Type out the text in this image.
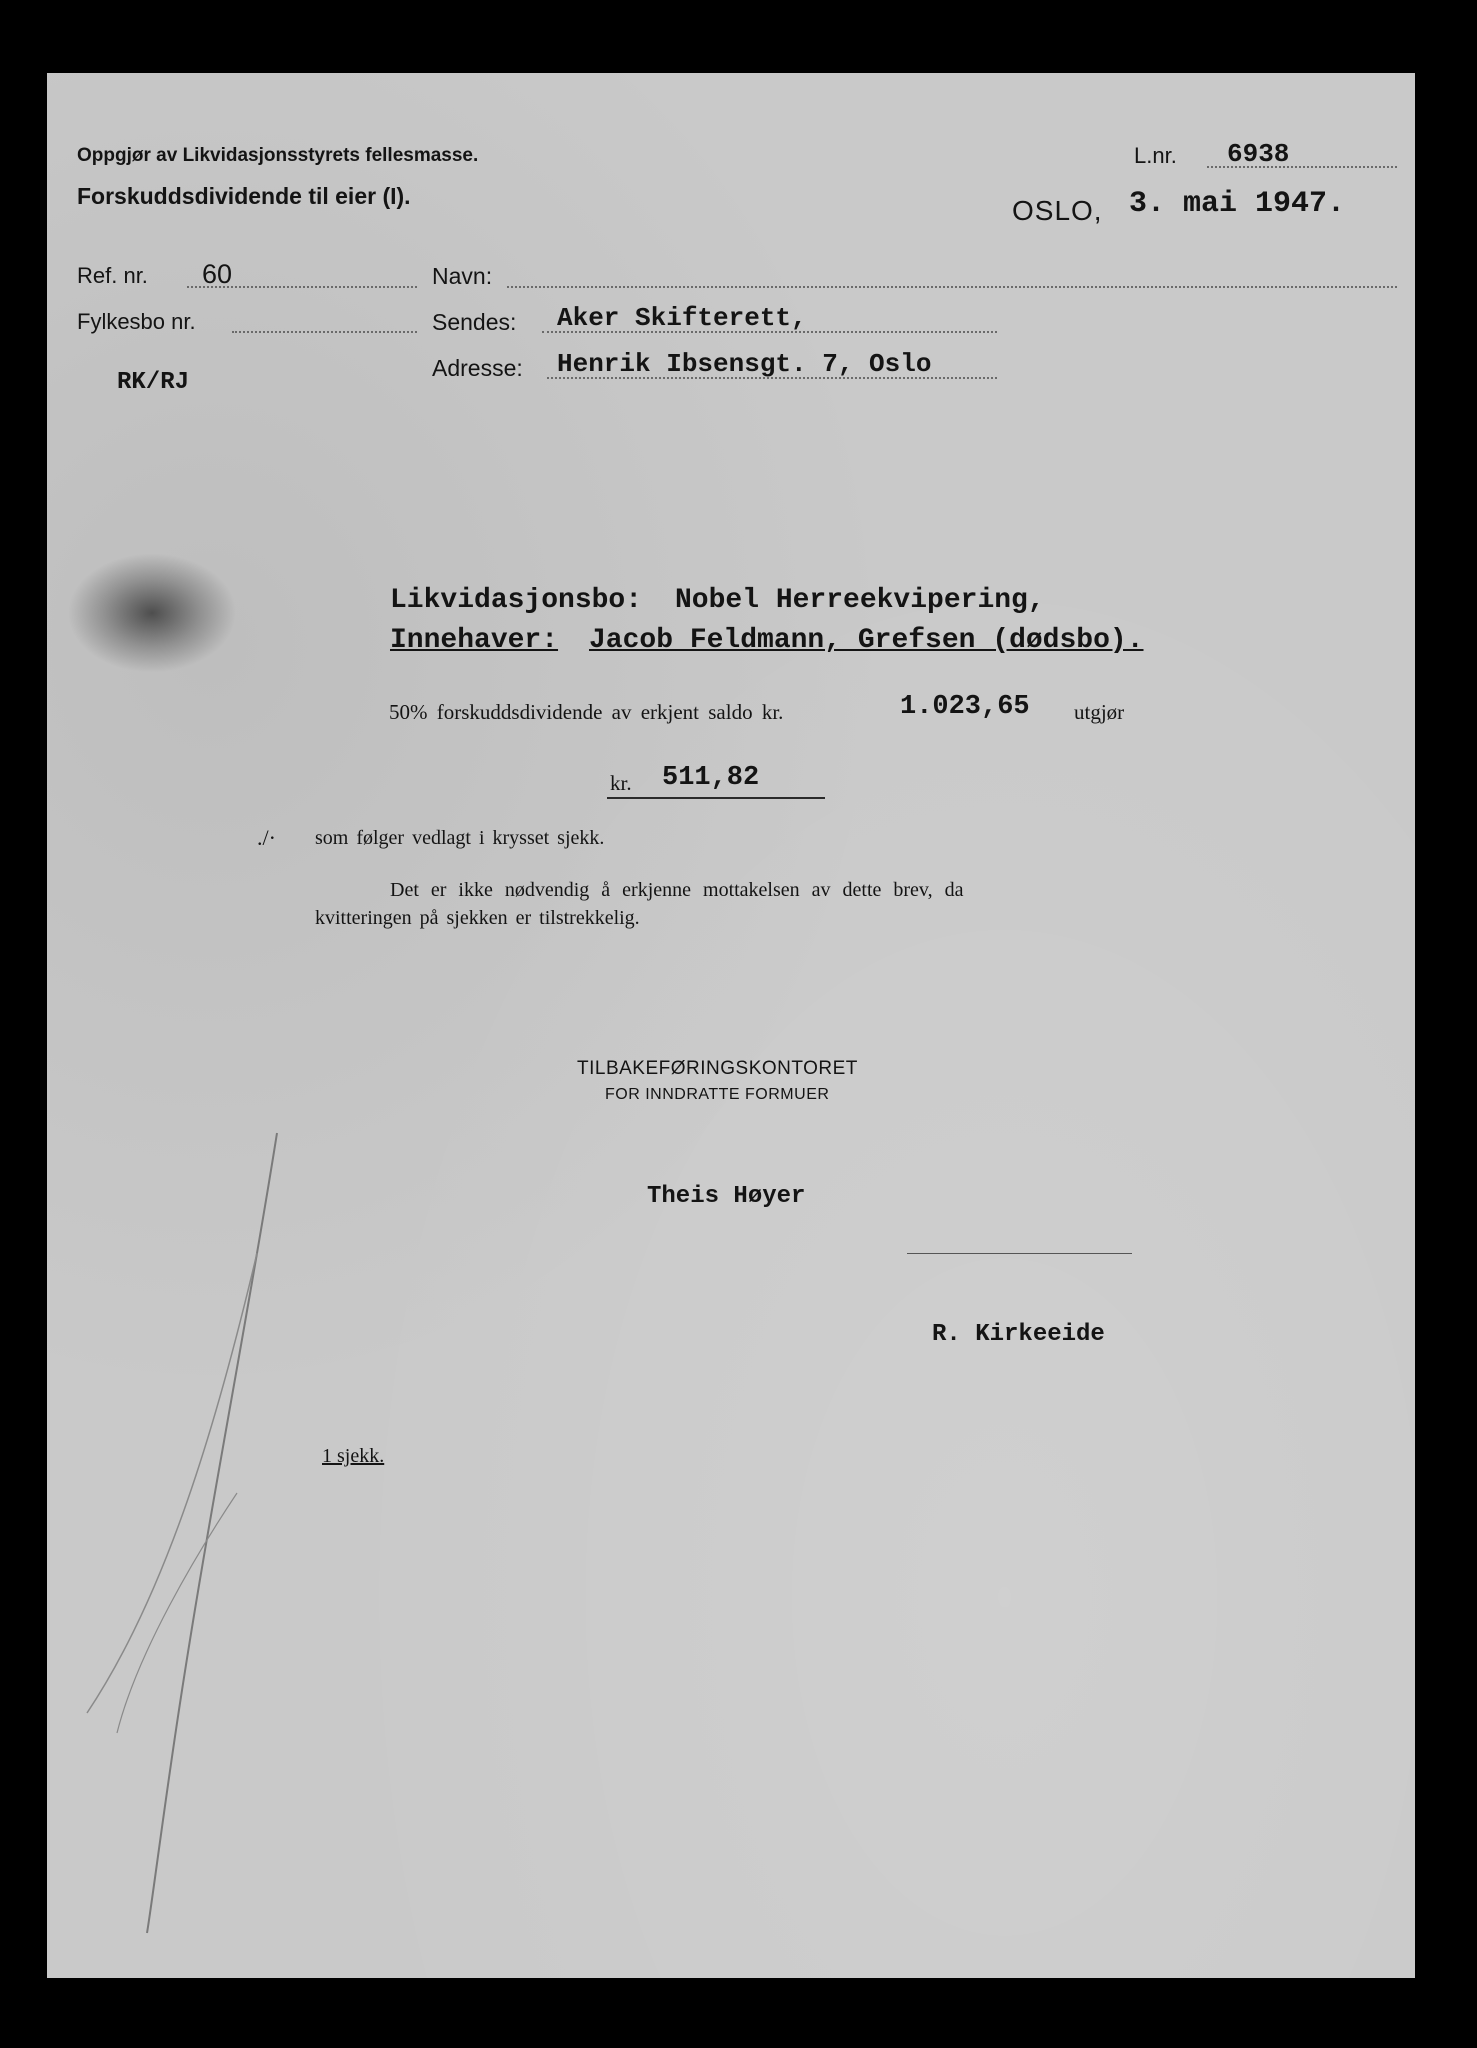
Oppgjør av Likvidasjonsstyrets fellesmasse.
Forskuddsdividende til eier (I).
L.nr. 6938
OSLO, 3. mai 1947.
Ref. nr. 60
Fylkesbo nr.
RK/RJ
Navn:
Sendes: Aker Skifterett,
Adresse: Henrik Ibsensgt. 7, Oslo
Likvidasjonsbo: Nobel Herreekvipering,
Innehaver: Jacob Feldmann, Grefsen (dødsbo).
50% forskuddsdividende av erkjent saldo kr.	1.023,65 utgjør
kr. 511,82
./· som følger vedlagt i krysset sjekk.
Det er ikke nødvendig å erkjenne mottakelsen av dette brev, da
kvitteringen på sjekken er tilstrekkelig.
TILBAKEFØRINGSKONTORET
FOR INNDRATTE FORMUER
Theis Høyer
R. Kirkeeide
1 sjekk.
